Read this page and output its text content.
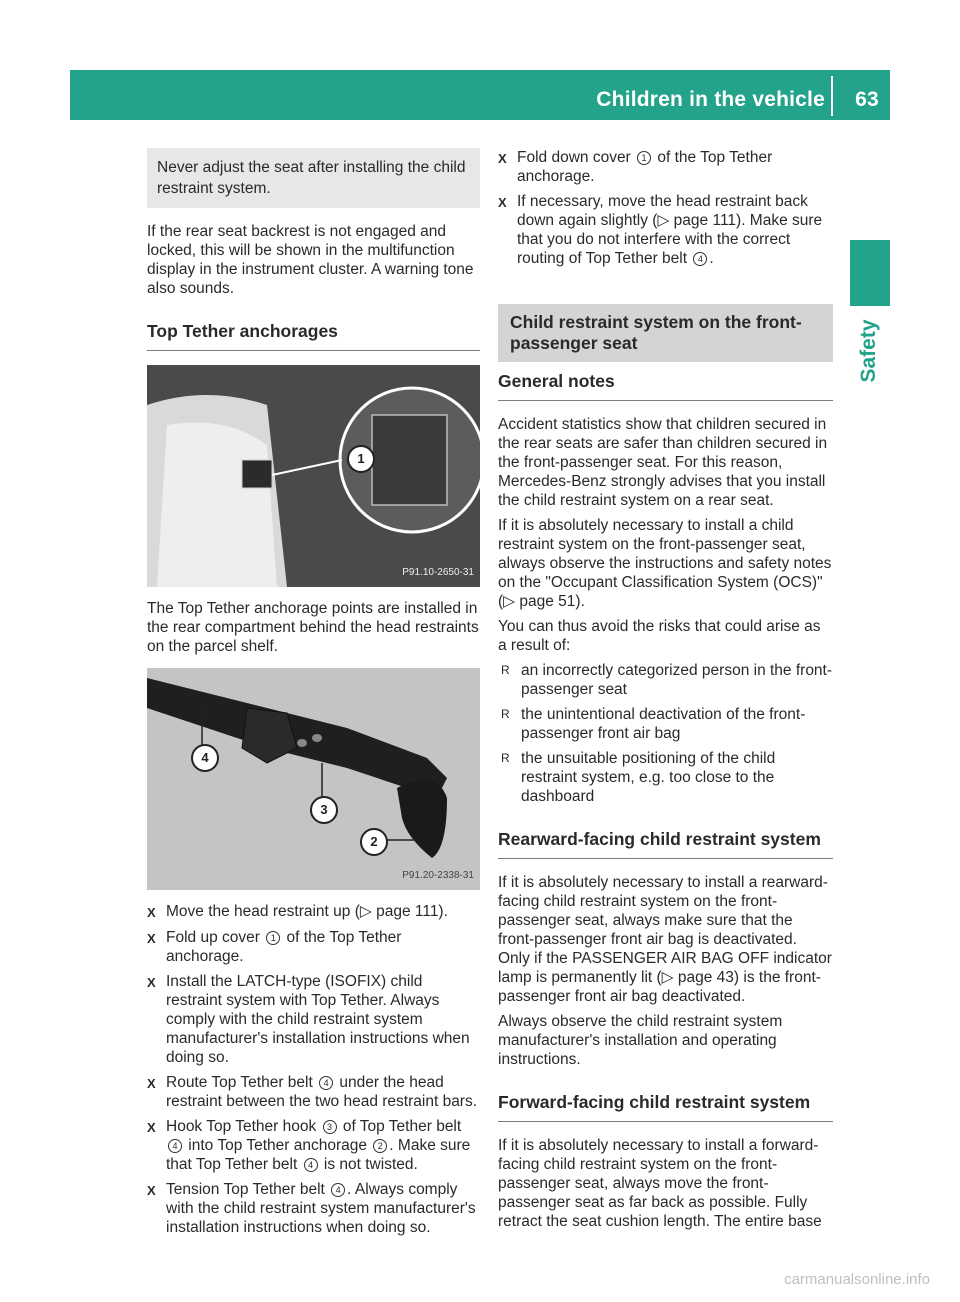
Children in the vehicle 63
Safety
Never adjust the seat after installing the child restraint system.

If the rear seat backrest is not engaged and locked, this will be shown in the multifunction display in the instrument cluster. A warning tone also sounds.

Top Tether anchorages
1
P91.10-2650-31

The Top Tether anchorage points are installed in the rear compartment behind the head restraints on the parcel shelf.

4
3
2
P91.20-2338-31
X Move the head restraint up (▷ page 111).
X Fold up cover 1 of the Top Tether anchorage.
X Install the LATCH-type (ISOFIX) child restraint system with Top Tether. Always comply with the child restraint system manufacturer's installation instructions when doing so.
X Route Top Tether belt 4 under the head restraint between the two head restraint bars.
X Hook Top Tether hook 3 of Top Tether belt 4 into Top Tether anchorage 2 . Make sure that Top Tether belt 4 is not twisted.
X Tension Top Tether belt 4 . Always comply with the child restraint system manufacturer's installation instructions when doing so.
X Fold down cover 1 of the Top Tether anchorage.
X If necessary, move the head restraint back down again slightly (▷ page 111). Make sure that you do not interfere with the correct routing of Top Tether belt 4 .
Child restraint system on the front-passenger seat
General notes

Accident statistics show that children secured in the rear seats are safer than children secured in the front-passenger seat. For this reason, Mercedes-Benz strongly advises that you install the child restraint system on a rear seat.

If it is absolutely necessary to install a child restraint system on the front-passenger seat, always observe the instructions and safety notes on the "Occupant Classification System (OCS)" (▷ page 51).

You can thus avoid the risks that could arise as a result of:

R an incorrectly categorized person in the front-passenger seat
R the unintentional deactivation of the front-passenger front air bag
R the unsuitable positioning of the child restraint system, e.g. too close to the dashboard
Rearward-facing child restraint system

If it is absolutely necessary to install a rearward-facing child restraint system on the front-passenger seat, always make sure that the front-passenger front air bag is deactivated. Only if the PASSENGER AIR BAG OFF indicator lamp is permanently lit (▷ page 43) is the front-passenger front air bag deactivated.

Always observe the child restraint system manufacturer's installation and operating instructions.

Forward-facing child restraint system

If it is absolutely necessary to install a forward-facing child restraint system on the front-passenger seat, always move the front-passenger seat as far back as possible. Fully retract the seat cushion length. The entire base

carmanualsonline.info
